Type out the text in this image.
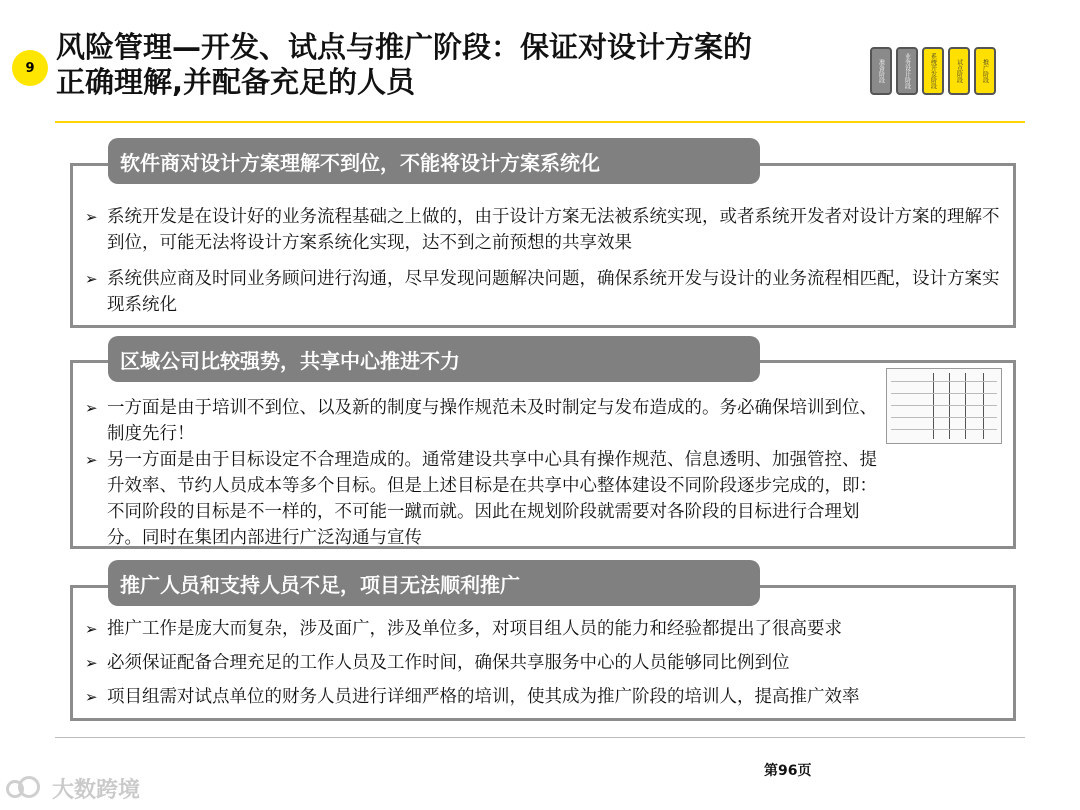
9
风险管理—开发、试点与推广阶段：保证对设计方案的
正确理解,并配备充足的人员	准备阶段	业务设计阶段	系统开发阶段	试点阶段	推广阶段
➢ 系统开发是在设计好的业务流程基础之上做的，由于设计方案无法被系统实现，或者系统开发者对设计方案的理解不到位，可能无法将设计方案系统化实现，达不到之前预想的共享效果
➢ 系统供应商及时同业务顾问进行沟通，尽早发现问题解决问题，确保系统开发与设计的业务流程相匹配，设计方案实现系统化
软件商对设计方案理解不到位，不能将设计方案系统化
➢ 一方面是由于培训不到位、以及新的制度与操作规范未及时制定与发布造成的。务必确保培训到位、制度先行！
➢ 另一方面是由于目标设定不合理造成的。通常建设共享中心具有操作规范、信息透明、加强管控、提升效率、节约人员成本等多个目标。但是上述目标是在共享中心整体建设不同阶段逐步完成的，即：不同阶段的目标是不一样的，不可能一蹴而就。因此在规划阶段就需要对各阶段的目标进行合理划分。同时在集团内部进行广泛沟通与宣传
区域公司比较强势，共享中心推进不力
➢ 推广工作是庞大而复杂，涉及面广，涉及单位多，对项目组人员的能力和经验都提出了很高要求
➢ 必须保证配备合理充足的工作人员及工作时间，确保共享服务中心的人员能够同比例到位
➢ 项目组需对试点单位的财务人员进行详细严格的培训，使其成为推广阶段的培训人，提高推广效率
推广人员和支持人员不足，项目无法顺利推广
第96页
大数跨境
